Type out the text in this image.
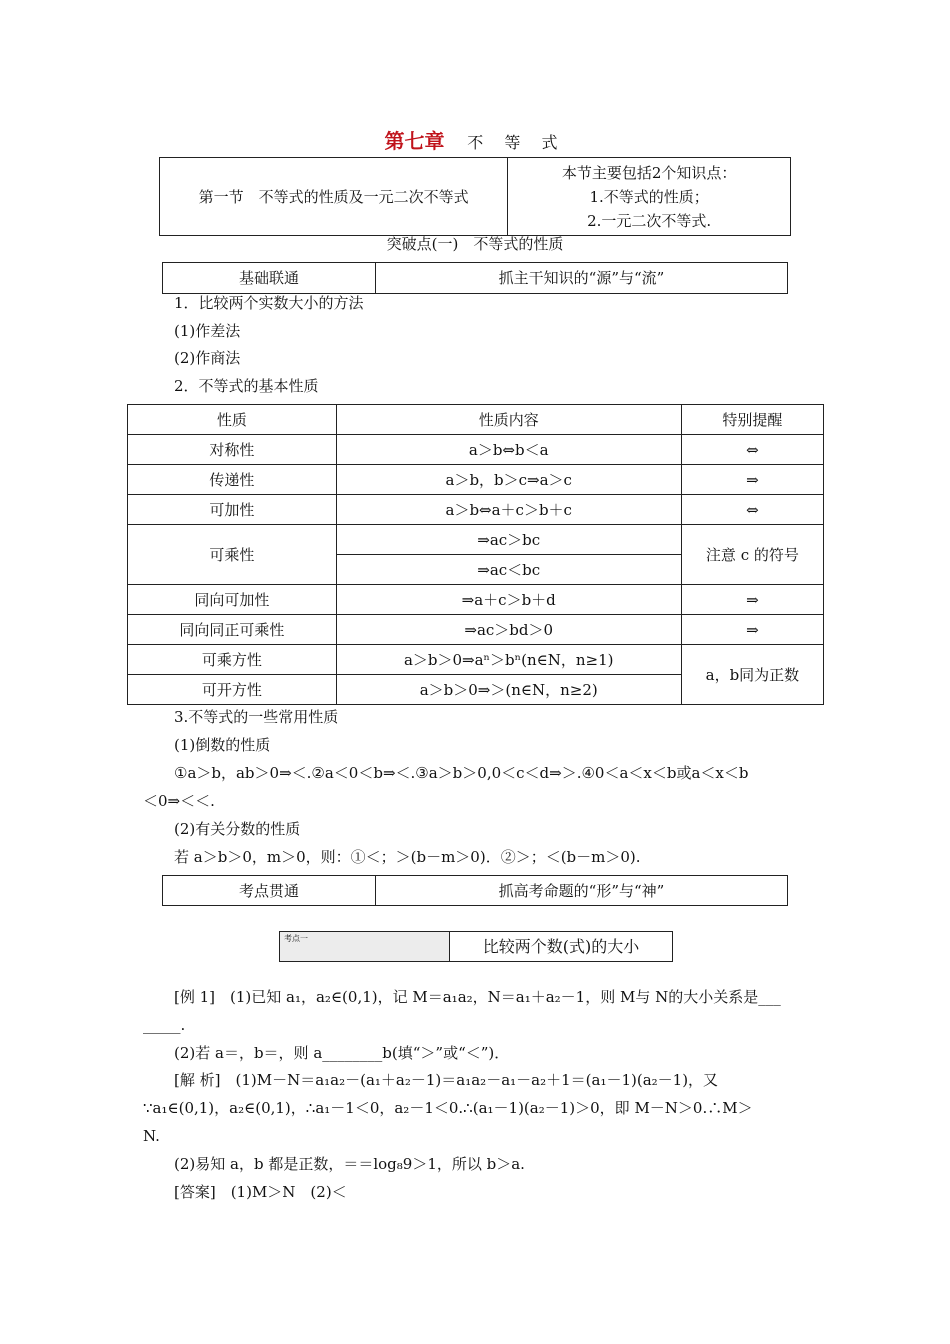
第七章 不 等 式
第一节　不等式的性质及一元二次不等式	
本节主要包括2个知识点：
1.不等式的性质；
2.一元二次不等式.
突破点(一)　不等式的性质
基础联通	抓主干知识的“源”与“流”
1．比较两个实数大小的方法
(1)作差法
(2)作商法
2．不等式的基本性质
性质	性质内容	特别提醒
对称性	a＞b⇔b＜a	⇔
传递性	a＞b，b＞c⇒a＞c	⇒
可加性	a＞b⇔a＋c＞b＋c	⇔
可乘性	⇒ac＞bc	注意 c 的符号
	⇒ac＜bc	
同向可加性	⇒a＋c＞b＋d	⇒
同向同正可乘性	⇒ac＞bd＞0	⇒
可乘方性	a＞b＞0⇒aⁿ＞bⁿ(n∈N，n≥1)	a，b同为正数
可开方性	a＞b＞0⇒＞(n∈N，n≥2)	
3.不等式的一些常用性质
(1)倒数的性质
①a＞b，ab＞0⇒＜.②a＜0＜b⇒＜.③a＞b＞0,0＜c＜d⇒＞.④0＜a＜x＜b或a＜x＜b
＜0⇒＜＜.
(2)有关分数的性质
若 a＞b＞0，m＞0，则：①＜；＞(b－m＞0)．②＞；＜(b－m＞0).
考点贯通	抓高考命题的“形”与“神”
考点一	比较两个数(式)的大小
[例 1]　(1)已知 a₁，a₂∈(0,1)，记 M＝a₁a₂，N＝a₁＋a₂－1，则 M与 N的大小关系是___
_____.
(2)若 a＝，b＝，则 a________b(填“＞”或“＜”)．
[解 析]　(1)M－N＝a₁a₂－(a₁＋a₂－1)＝a₁a₂－a₁－a₂＋1＝(a₁－1)(a₂－1)，又
∵a₁∈(0,1)，a₂∈(0,1)，∴a₁－1＜0，a₂－1＜0.∴(a₁－1)(a₂－1)＞0，即 M－N＞0.∴M＞
N.
(2)易知 a，b 都是正数，＝＝log₈9＞1，所以 b＞a.
[答案]　(1)M＞N　(2)＜
